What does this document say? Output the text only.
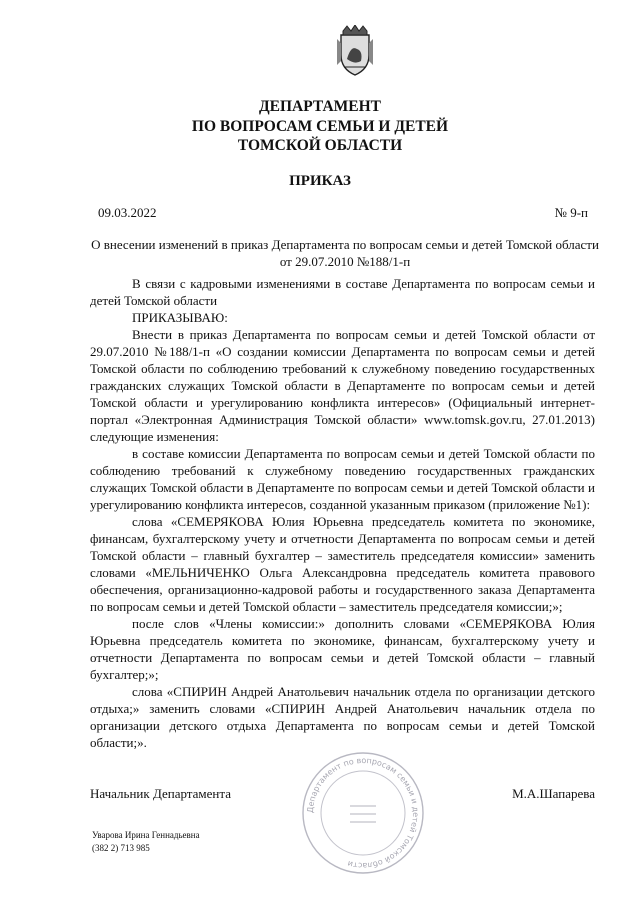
ДЕПАРТАМЕНТ
ПО ВОПРОСАМ СЕМЬИ И ДЕТЕЙ
ТОМСКОЙ ОБЛАСТИ
ПРИКАЗ
09.03.2022	№ 9-п
О внесении изменений в приказ Департамента по вопросам семьи и детей Томской области от 29.07.2010 №188/1-п

В связи с кадровыми изменениями в составе Департамента по вопросам семьи и детей Томской области

ПРИКАЗЫВАЮ:

Внести в приказ Департамента по вопросам семьи и детей Томской области от 29.07.2010 №188/1-п «О создании комиссии Департамента по вопросам семьи и детей Томской области по соблюдению требований к служебному поведению государственных гражданских служащих Томской области в Департаменте по вопросам семьи и детей Томской области и урегулированию конфликта интересов» (Официальный интернет-портал «Электронная Администрация Томской области» www.tomsk.gov.ru, 27.01.2013) следующие изменения:

в составе комиссии Департамента по вопросам семьи и детей Томской области по соблюдению требований к служебному поведению государственных гражданских служащих Томской области в Департаменте по вопросам семьи и детей Томской области и урегулированию конфликта интересов, созданной указанным приказом (приложение №1):

слова «СЕМЕРЯКОВА Юлия Юрьевна председатель комитета по экономике, финансам, бухгалтерскому учету и отчетности Департамента по вопросам семьи и детей Томской области – главный бухгалтер – заместитель председателя комиссии» заменить словами «МЕЛЬНИЧЕНКО Ольга Александровна председатель комитета правового обеспечения, организационно-кадровой работы и государственного заказа Департамента по вопросам семьи и детей Томской области – заместитель председателя комиссии;»;

после слов «Члены комиссии:» дополнить словами «СЕМЕРЯКОВА Юлия Юрьевна председатель комитета по экономике, финансам, бухгалтерскому учету и отчетности Департамента по вопросам семьи и детей Томской области – главный бухгалтер;»;

слова «СПИРИН Андрей Анатольевич начальник отдела по организации детского отдыха;» заменить словами «СПИРИН Андрей Анатольевич начальник отдела по организации детского отдыха Департамента по вопросам семьи и детей Томской области;».

Департамент по вопросам семьи и детей Томской области
Начальник Департамента	М.А.Шапарева
Уварова Ирина Геннадьевна
(382 2) 713 985
